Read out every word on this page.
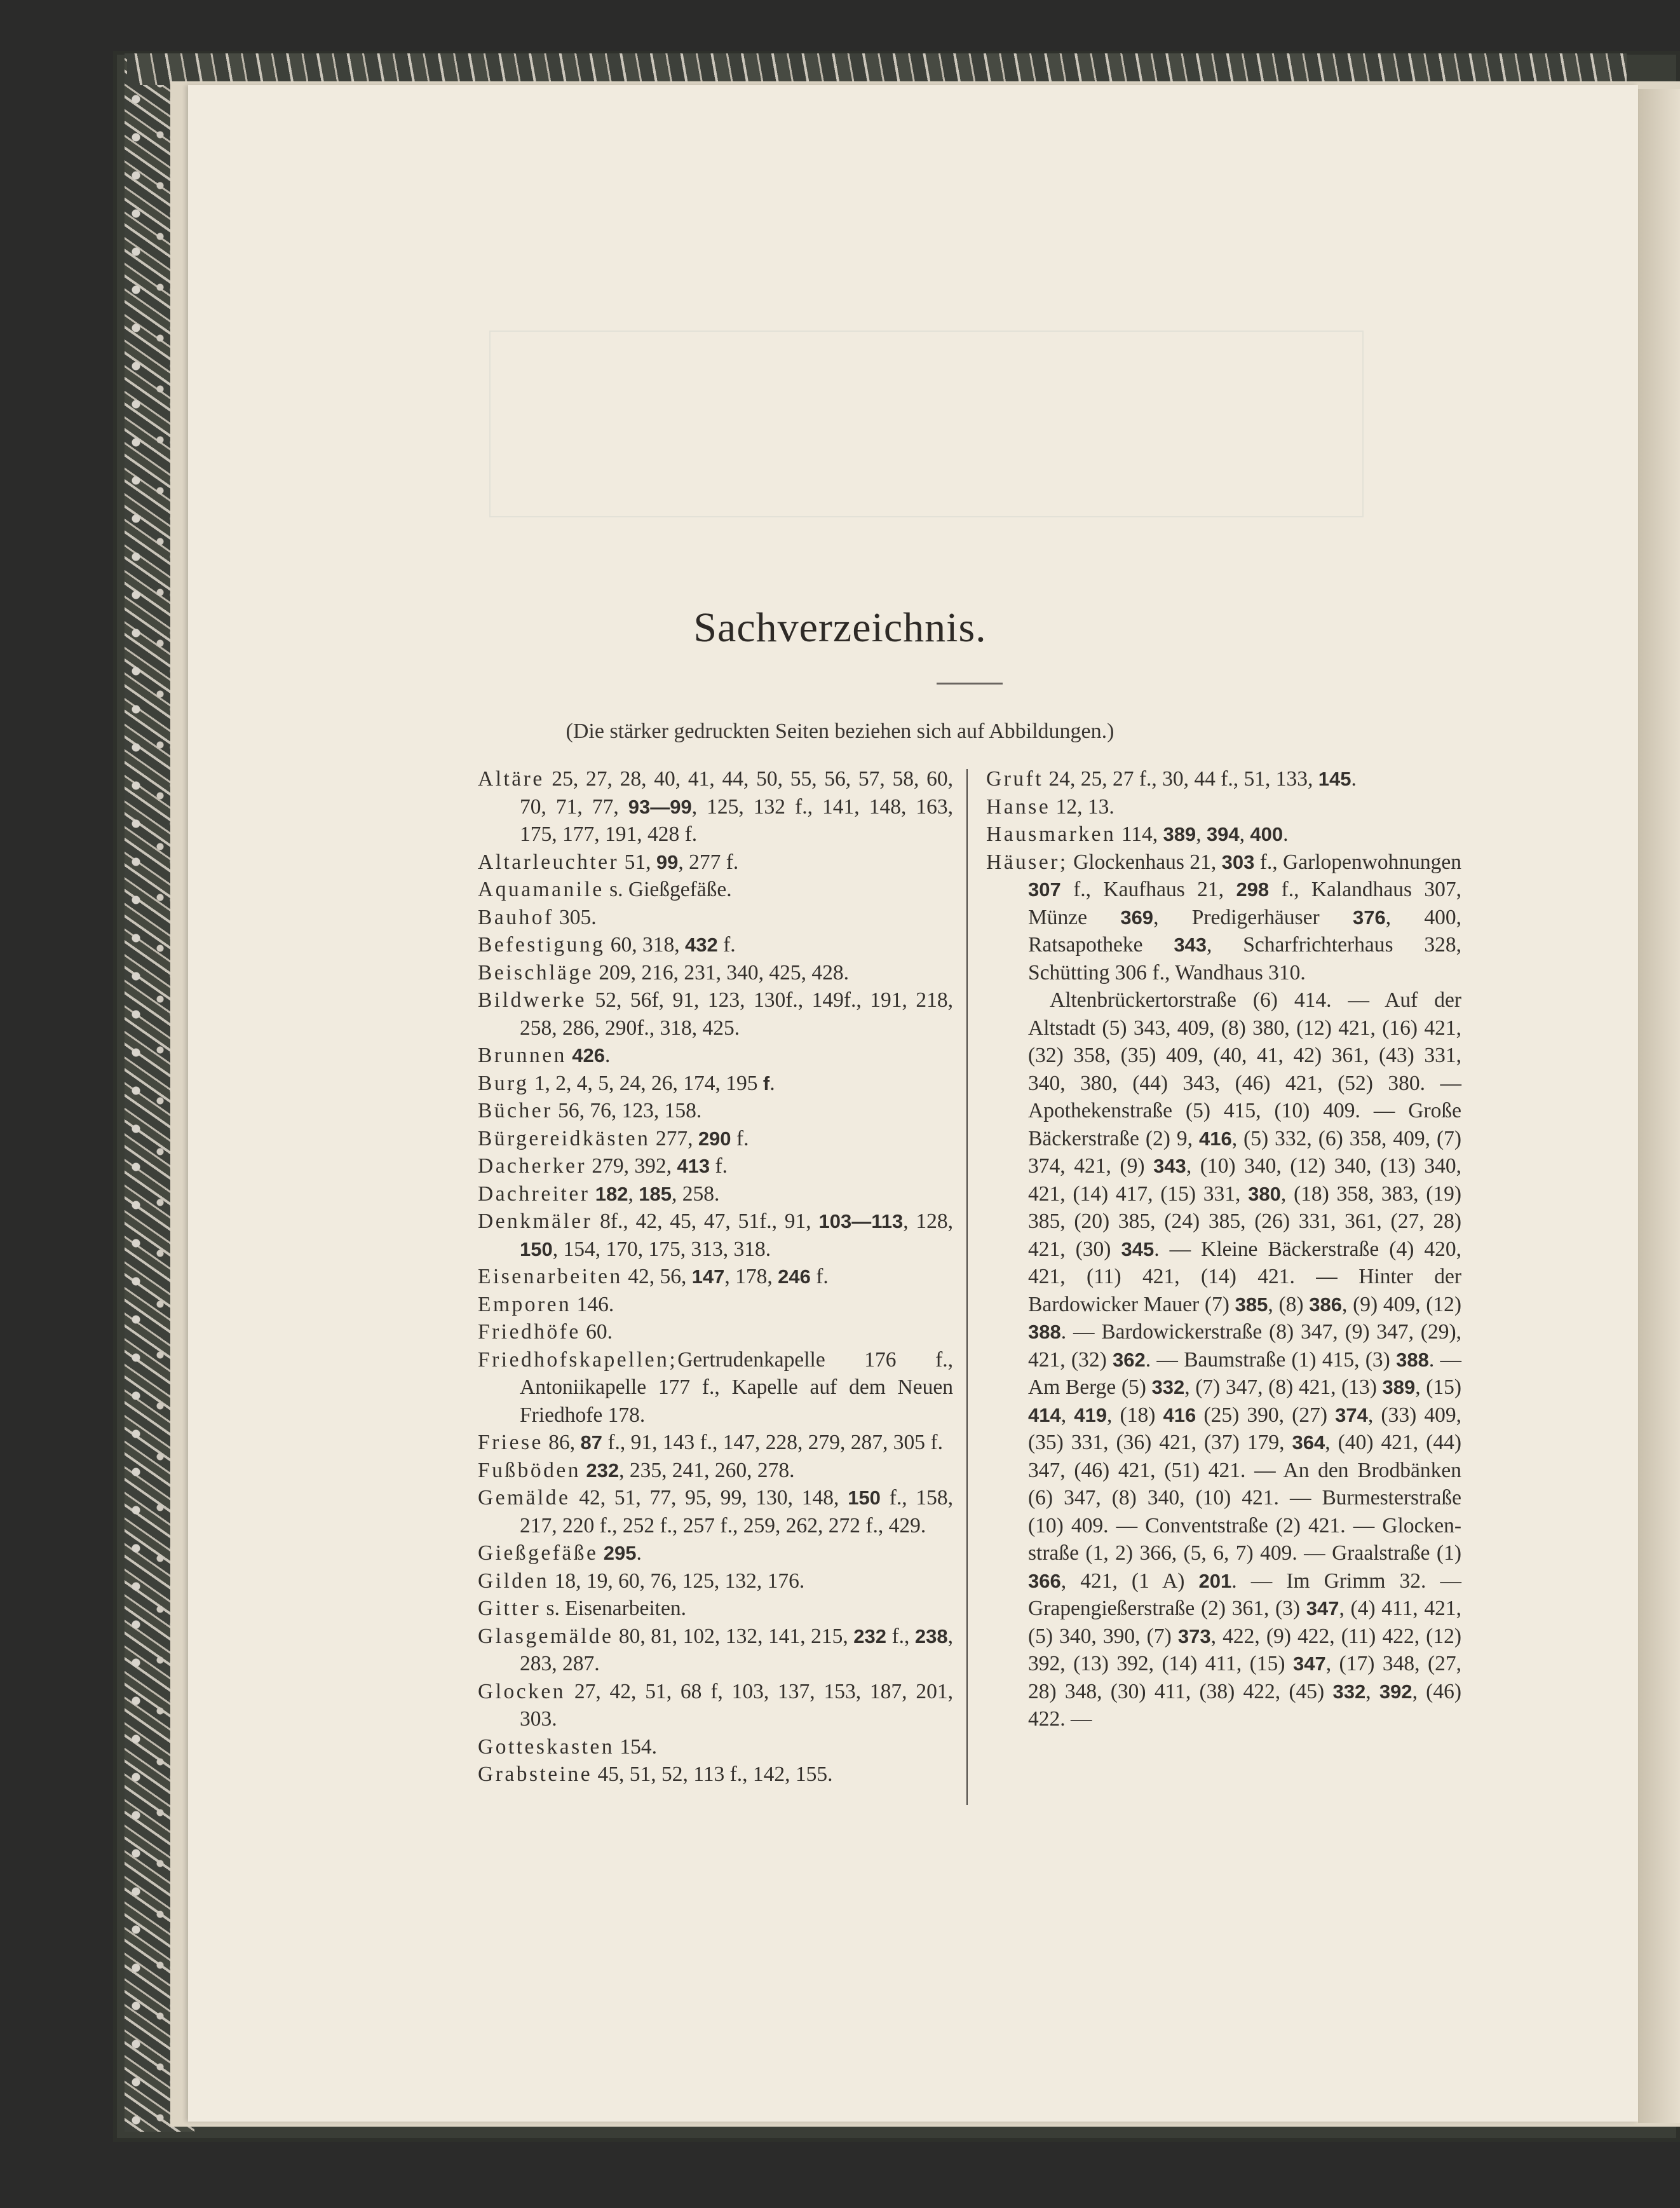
Sachverzeichnis.
(Die stärker gedruckten Seiten beziehen sich auf Abbildungen.)
Altäre 25, 27, 28, 40, 41, 44, 50, 55, 56, 57, 58, 60, 70, 71, 77, 93—99, 125, 132 f., 141, 148, 163, 175, 177, 191, 428 f.
Altarleuchter 51, 99, 277 f.
Aquamanile s. Gießgefäße.
Bauhof 305.
Befestigung 60, 318, 432 f.
Beischläge 209, 216, 231, 340, 425, 428.
Bildwerke 52, 56f, 91, 123, 130f., 149f., 191, 218, 258, 286, 290f., 318, 425.
Brunnen 426.
Burg 1, 2, 4, 5, 24, 26, 174, 195 f.
Bücher 56, 76, 123, 158.
Bürgereidkästen 277, 290 f.
Dacherker 279, 392, 413 f.
Dachreiter 182, 185, 258.
Denkmäler 8f., 42, 45, 47, 51f., 91, 103—113, 128, 150, 154, 170, 175, 313, 318.
Eisenarbeiten 42, 56, 147, 178, 246 f.
Emporen 146.
Friedhöfe 60.
Friedhofskapellen;Gertrudenkapelle 176 f., Antoniikapelle 177 f., Kapelle auf dem Neuen Friedhofe 178.
Friese 86, 87 f., 91, 143 f., 147, 228, 279, 287, 305 f.
Fußböden 232, 235, 241, 260, 278.
Gemälde 42, 51, 77, 95, 99, 130, 148, 150 f., 158, 217, 220 f., 252 f., 257 f., 259, 262, 272 f., 429.
Gießgefäße 295.
Gilden 18, 19, 60, 76, 125, 132, 176.
Gitter s. Eisenarbeiten.
Glasgemälde 80, 81, 102, 132, 141, 215, 232 f., 238, 283, 287.
Glocken 27, 42, 51, 68 f, 103, 137, 153, 187, 201, 303.
Gotteskasten 154.
Grabsteine 45, 51, 52, 113 f., 142, 155.
Gruft 24, 25, 27 f., 30, 44 f., 51, 133, 145.
Hanse 12, 13.
Hausmarken 114, 389, 394, 400.
Häuser; Glockenhaus 21, 303 f., Garlopenwohnungen 307 f., Kaufhaus 21, 298 f., Kalandhaus 307, Münze 369, Predigerhäuser 376, 400, Ratsapotheke 343, Scharfrichterhaus 328, Schütting 306 f., Wandhaus 310.
Altenbrückertorstraße (6) 414. — Auf der Altstadt (5) 343, 409, (8) 380, (12) 421, (16) 421, (32) 358, (35) 409, (40, 41, 42) 361, (43) 331, 340, 380, (44) 343, (46) 421, (52) 380. — Apothekenstraße (5) 415, (10) 409. — Große Bäckerstraße (2) 9, 416, (5) 332, (6) 358, 409, (7) 374, 421, (9) 343, (10) 340, (12) 340, (13) 340, 421, (14) 417, (15) 331, 380, (18) 358, 383, (19) 385, (20) 385, (24) 385, (26) 331, 361, (27, 28) 421, (30) 345. — Kleine Bäckerstraße (4) 420, 421, (11) 421, (14) 421. — Hinter der Bardowicker Mauer (7) 385, (8) 386, (9) 409, (12) 388. — Bardowickerstraße (8) 347, (9) 347, (29), 421, (32) 362. — Baumstraße (1) 415, (3) 388. — Am Berge (5) 332, (7) 347, (8) 421, (13) 389, (15) 414, 419, (18) 416 (25) 390, (27) 374, (33) 409, (35) 331, (36) 421, (37) 179, 364, (40) 421, (44) 347, (46) 421, (51) 421. — An den Brodbänken (6) 347, (8) 340, (10) 421. — Burmesterstraße (10) 409. — Conventstraße (2) 421. — Glockenstraße (1, 2) 366, (5, 6, 7) 409. — Graalstraße (1) 366, 421, (1 A) 201. — Im Grimm 32. — Grapengießerstraße (2) 361, (3) 347, (4) 411, 421, (5) 340, 390, (7) 373, 422, (9) 422, (11) 422, (12) 392, (13) 392, (14) 411, (15) 347, (17) 348, (27, 28) 348, (30) 411, (38) 422, (45) 332, 392, (46) 422. —
